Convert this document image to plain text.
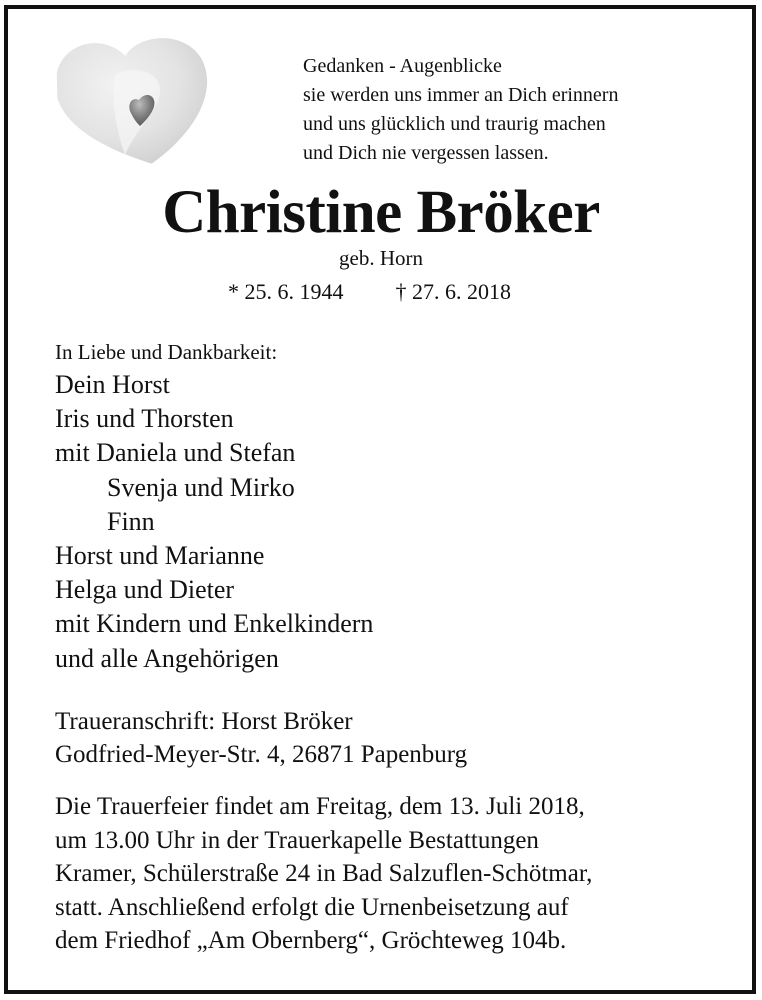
Gedanken - Augenblicke
sie werden uns immer an Dich erinnern
und uns glücklich und traurig machen
und Dich nie vergessen lassen.
Christine Bröker
geb. Horn
* 25. 6. 1944 † 27. 6. 2018
In Liebe und Dankbarkeit:
Dein Horst
Iris und Thorsten
mit Daniela und Stefan
Svenja und Mirko
Finn
Horst und Marianne
Helga und Dieter
mit Kindern und Enkelkindern
und alle Angehörigen
Traueranschrift: Horst Bröker
Godfried-Meyer-Str. 4, 26871 Papenburg
Die Trauerfeier findet am Freitag, dem 13. Juli 2018,
um 13.00 Uhr in der Trauerkapelle Bestattungen
Kramer, Schülerstraße 24 in Bad Salzuflen-Schötmar,
statt. Anschließend erfolgt die Urnenbeisetzung auf
dem Friedhof „Am Obernberg“, Gröchteweg 104b.
